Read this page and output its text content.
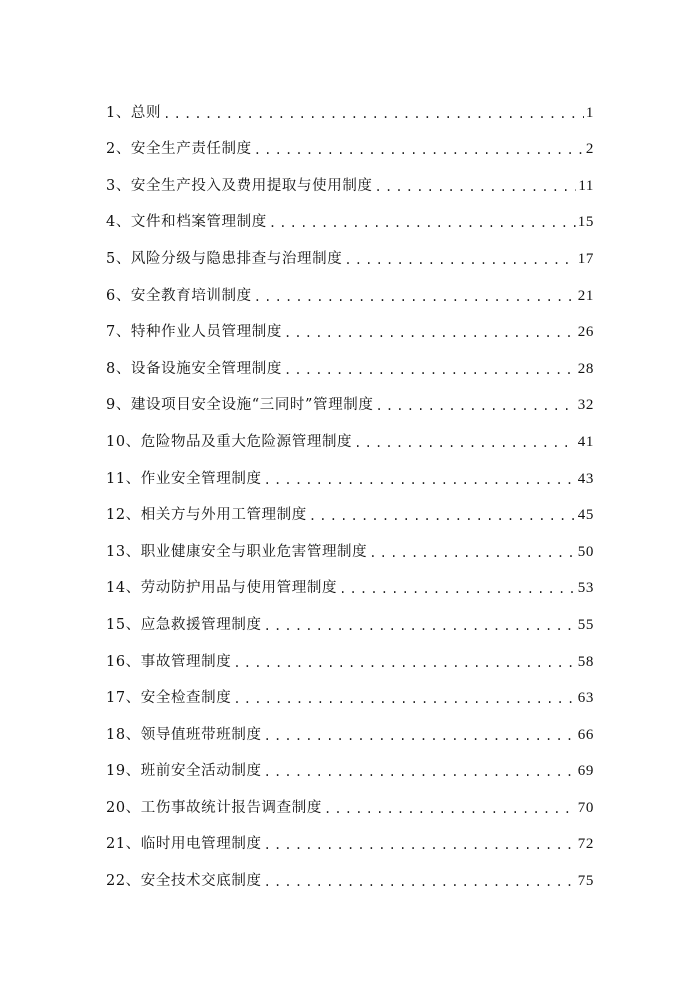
1、总则 .....	1
2、安全生产责任制度 .....	2
3、安全生产投入及费用提取与使用制度 .....	11
4、文件和档案管理制度 .....	15
5、风险分级与隐患排查与治理制度 .....	17
6、安全教育培训制度 .....	21
7、特种作业人员管理制度 .....	26
8、设备设施安全管理制度 .....	28
9、建设项目安全设施“三同时”管理制度 .....	32
10、危险物品及重大危险源管理制度 .....	41
11、作业安全管理制度 .....	43
12、相关方与外用工管理制度 .....	45
13、职业健康安全与职业危害管理制度 .....	50
14、劳动防护用品与使用管理制度 .....	53
15、应急救援管理制度 .....	55
16、事故管理制度 .....	58
17、安全检查制度 .....	63
18、领导值班带班制度 .....	66
19、班前安全活动制度 .....	69
20、工伤事故统计报告调查制度 .....	70
21、临时用电管理制度 .....	72
22、安全技术交底制度 .....	75
